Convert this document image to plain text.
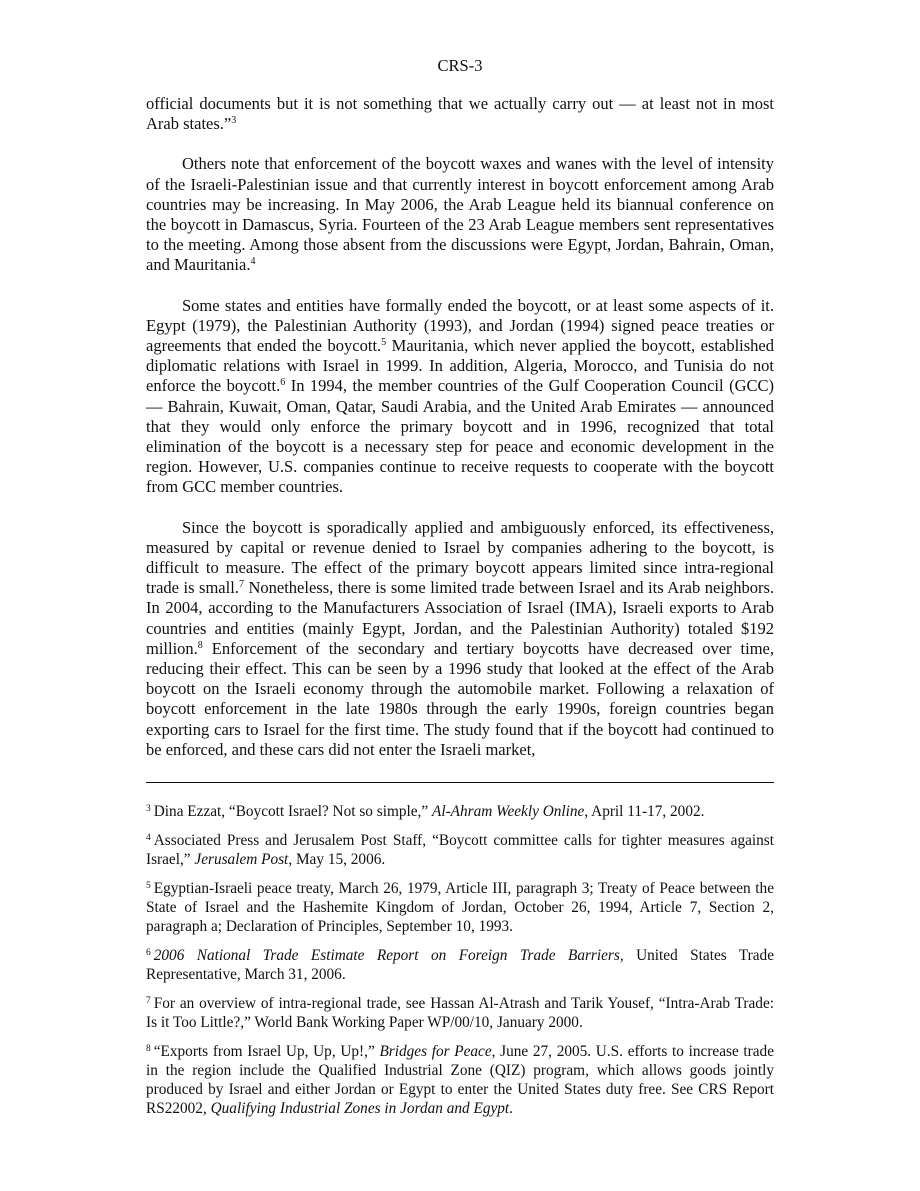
CRS-3

official documents but it is not something that we actually carry out — at least not in most Arab states.”$^3$

Others note that enforcement of the boycott waxes and wanes with the level of intensity of the Israeli-Palestinian issue and that currently interest in boycott enforcement among Arab countries may be increasing. In May 2006, the Arab League held its biannual conference on the boycott in Damascus, Syria. Fourteen of the 23 Arab League members sent representatives to the meeting. Among those absent from the discussions were Egypt, Jordan, Bahrain, Oman, and Mauritania.$^4$

Some states and entities have formally ended the boycott, or at least some aspects of it. Egypt (1979), the Palestinian Authority (1993), and Jordan (1994) signed peace treaties or agreements that ended the boycott.$^5$ Mauritania, which never applied the boycott, established diplomatic relations with Israel in 1999. In addition, Algeria, Morocco, and Tunisia do not enforce the boycott.$^6$ In 1994, the member countries of the Gulf Cooperation Council (GCC) — Bahrain, Kuwait, Oman, Qatar, Saudi Arabia, and the United Arab Emirates — announced that they would only enforce the primary boycott and in 1996, recognized that total elimination of the boycott is a necessary step for peace and economic development in the region. However, U.S. companies continue to receive requests to cooperate with the boycott from GCC member countries.

Since the boycott is sporadically applied and ambiguously enforced, its effectiveness, measured by capital or revenue denied to Israel by companies adhering to the boycott, is difficult to measure. The effect of the primary boycott appears limited since intra-regional trade is small.$^7$ Nonetheless, there is some limited trade between Israel and its Arab neighbors. In 2004, according to the Manufacturers Association of Israel (IMA), Israeli exports to Arab countries and entities (mainly Egypt, Jordan, and the Palestinian Authority) totaled $192 million.$^8$ Enforcement of the secondary and tertiary boycotts have decreased over time, reducing their effect. This can be seen by a 1996 study that looked at the effect of the Arab boycott on the Israeli economy through the automobile market. Following a relaxation of boycott enforcement in the late 1980s through the early 1990s, foreign countries began exporting cars to Israel for the first time. The study found that if the boycott had continued to be enforced, and these cars did not enter the Israeli market,

$^3$ Dina Ezzat, “Boycott Israel? Not so simple,” Al-Ahram Weekly Online, April 11-17, 2002.

$^4$ Associated Press and Jerusalem Post Staff, “Boycott committee calls for tighter measures against Israel,” Jerusalem Post, May 15, 2006.

$^5$ Egyptian-Israeli peace treaty, March 26, 1979, Article III, paragraph 3; Treaty of Peace between the State of Israel and the Hashemite Kingdom of Jordan, October 26, 1994, Article 7, Section 2, paragraph a; Declaration of Principles, September 10, 1993.

$^6$ 2006 National Trade Estimate Report on Foreign Trade Barriers, United States Trade Representative, March 31, 2006.

$^7$ For an overview of intra-regional trade, see Hassan Al-Atrash and Tarik Yousef, “Intra-Arab Trade: Is it Too Little?,” World Bank Working Paper WP/00/10, January 2000.

$^8$ “Exports from Israel Up, Up, Up!,” Bridges for Peace, June 27, 2005. U.S. efforts to increase trade in the region include the Qualified Industrial Zone (QIZ) program, which allows goods jointly produced by Israel and either Jordan or Egypt to enter the United States duty free. See CRS Report RS22002, Qualifying Industrial Zones in Jordan and Egypt.
